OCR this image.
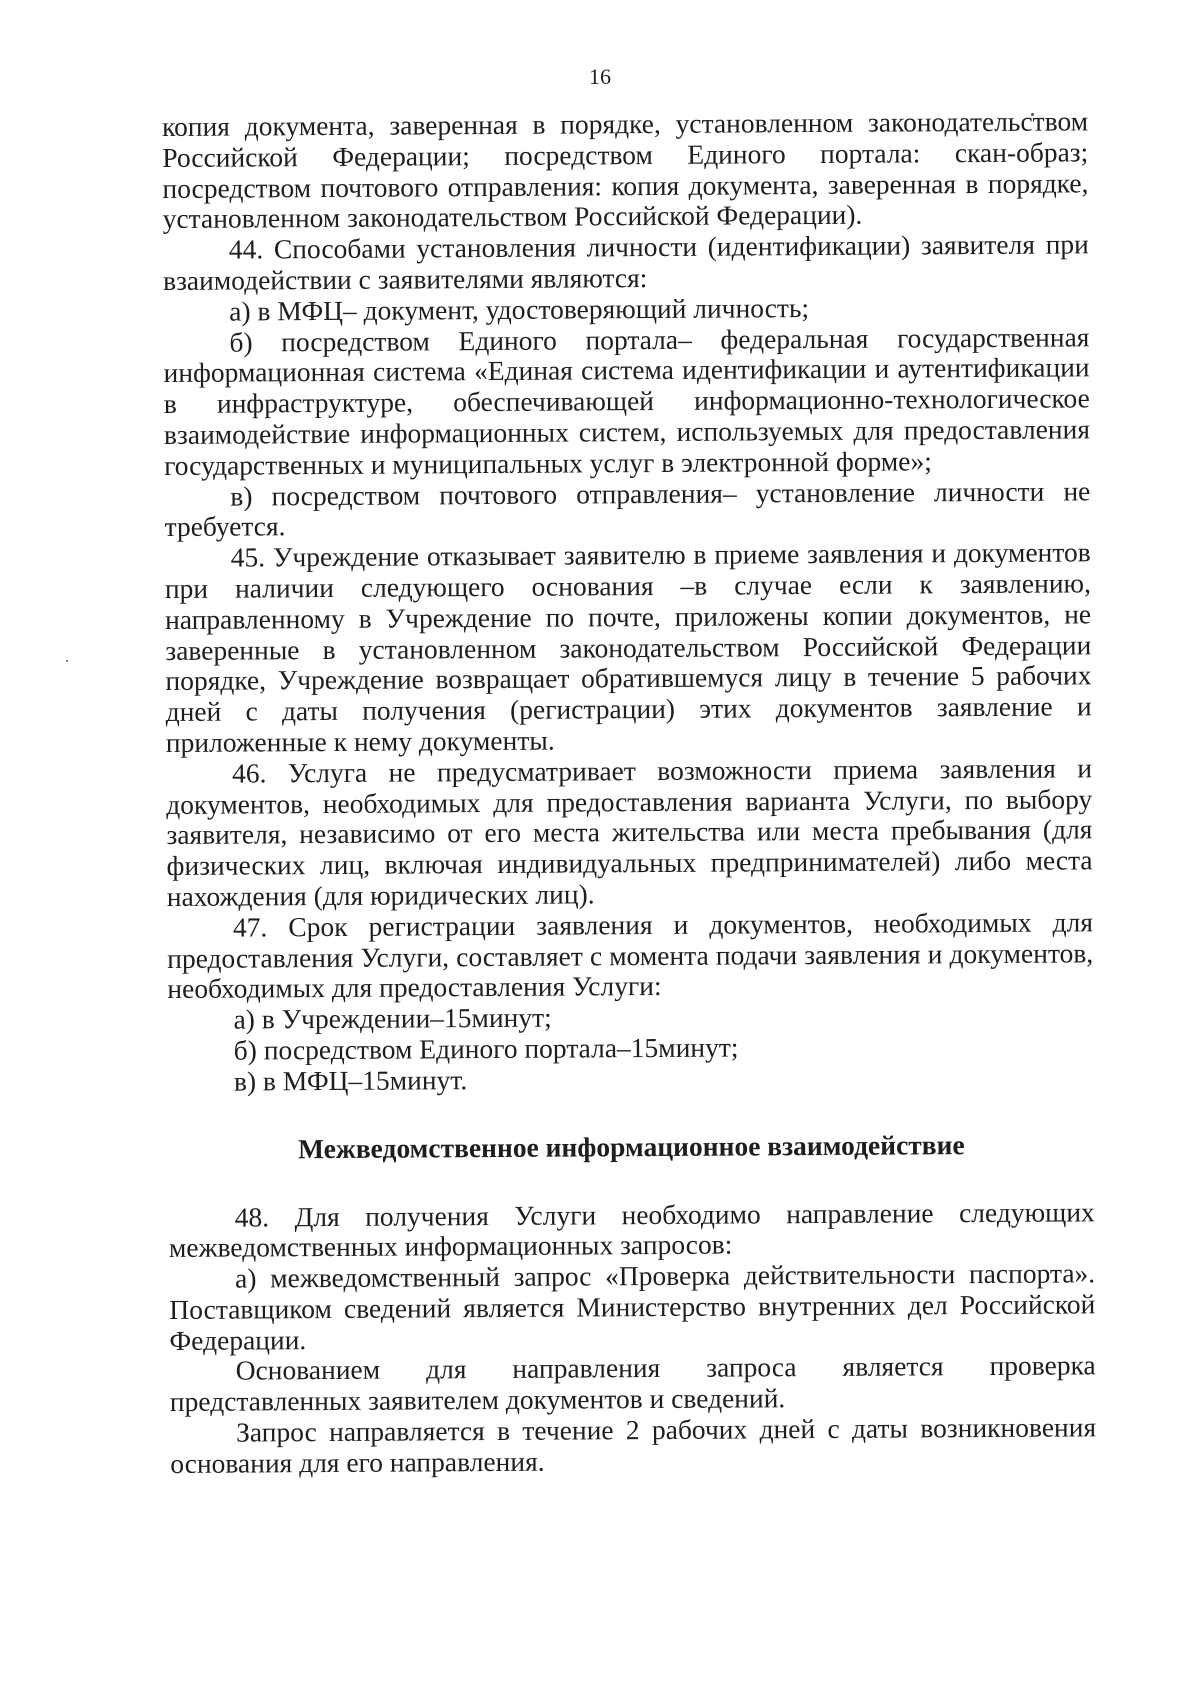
16

копия документа, заверенная в порядке, установленном законодательством Российской Федерации; посредством Единого портала: скан-образ; посредством почтового отправления: копия документа, заверенная в порядке, установленном законодательством Российской Федерации).

44. Способами установления личности (идентификации) заявителя при взаимодействии с заявителями являются:

а) в МФЦ– документ, удостоверяющий личность;

б) посредством Единого портала– федеральная государственная информационная система «Единая система идентификации и аутентификации в инфраструктуре, обеспечивающей информационно-технологическое взаимодействие информационных систем, используемых для предоставления государственных и муниципальных услуг в электронной форме»;

в) посредством почтового отправления– установление личности не требуется.

45. Учреждение отказывает заявителю в приеме заявления и документов при наличии следующего основания –в случае если к заявлению, направленному в Учреждение по почте, приложены копии документов, не заверенные в установленном законодательством Российской Федерации порядке, Учреждение возвращает обратившемуся лицу в течение 5 рабочих дней с даты получения (регистрации) этих документов заявление и приложенные к нему документы.

46. Услуга не предусматривает возможности приема заявления и документов, необходимых для предоставления варианта Услуги, по выбору заявителя, независимо от его места жительства или места пребывания (для физических лиц, включая индивидуальных предпринимателей) либо места нахождения (для юридических лиц).

47. Срок регистрации заявления и документов, необходимых для предоставления Услуги, составляет с момента подачи заявления и документов, необходимых для предоставления Услуги:

а) в Учреждении–15минут;

б) посредством Единого портала–15минут;

в) в МФЦ–15минут.

Межведомственное информационное взаимодействие

48. Для получения Услуги необходимо направление следующих межведомственных информационных запросов:

а) межведомственный запрос «Проверка действительности паспорта». Поставщиком сведений является Министерство внутренних дел Российской Федерации.

Основанием для направления запроса является проверка представленных заявителем документов и сведений.

Запрос направляется в течение 2 рабочих дней с даты возникновения основания для его направления.
